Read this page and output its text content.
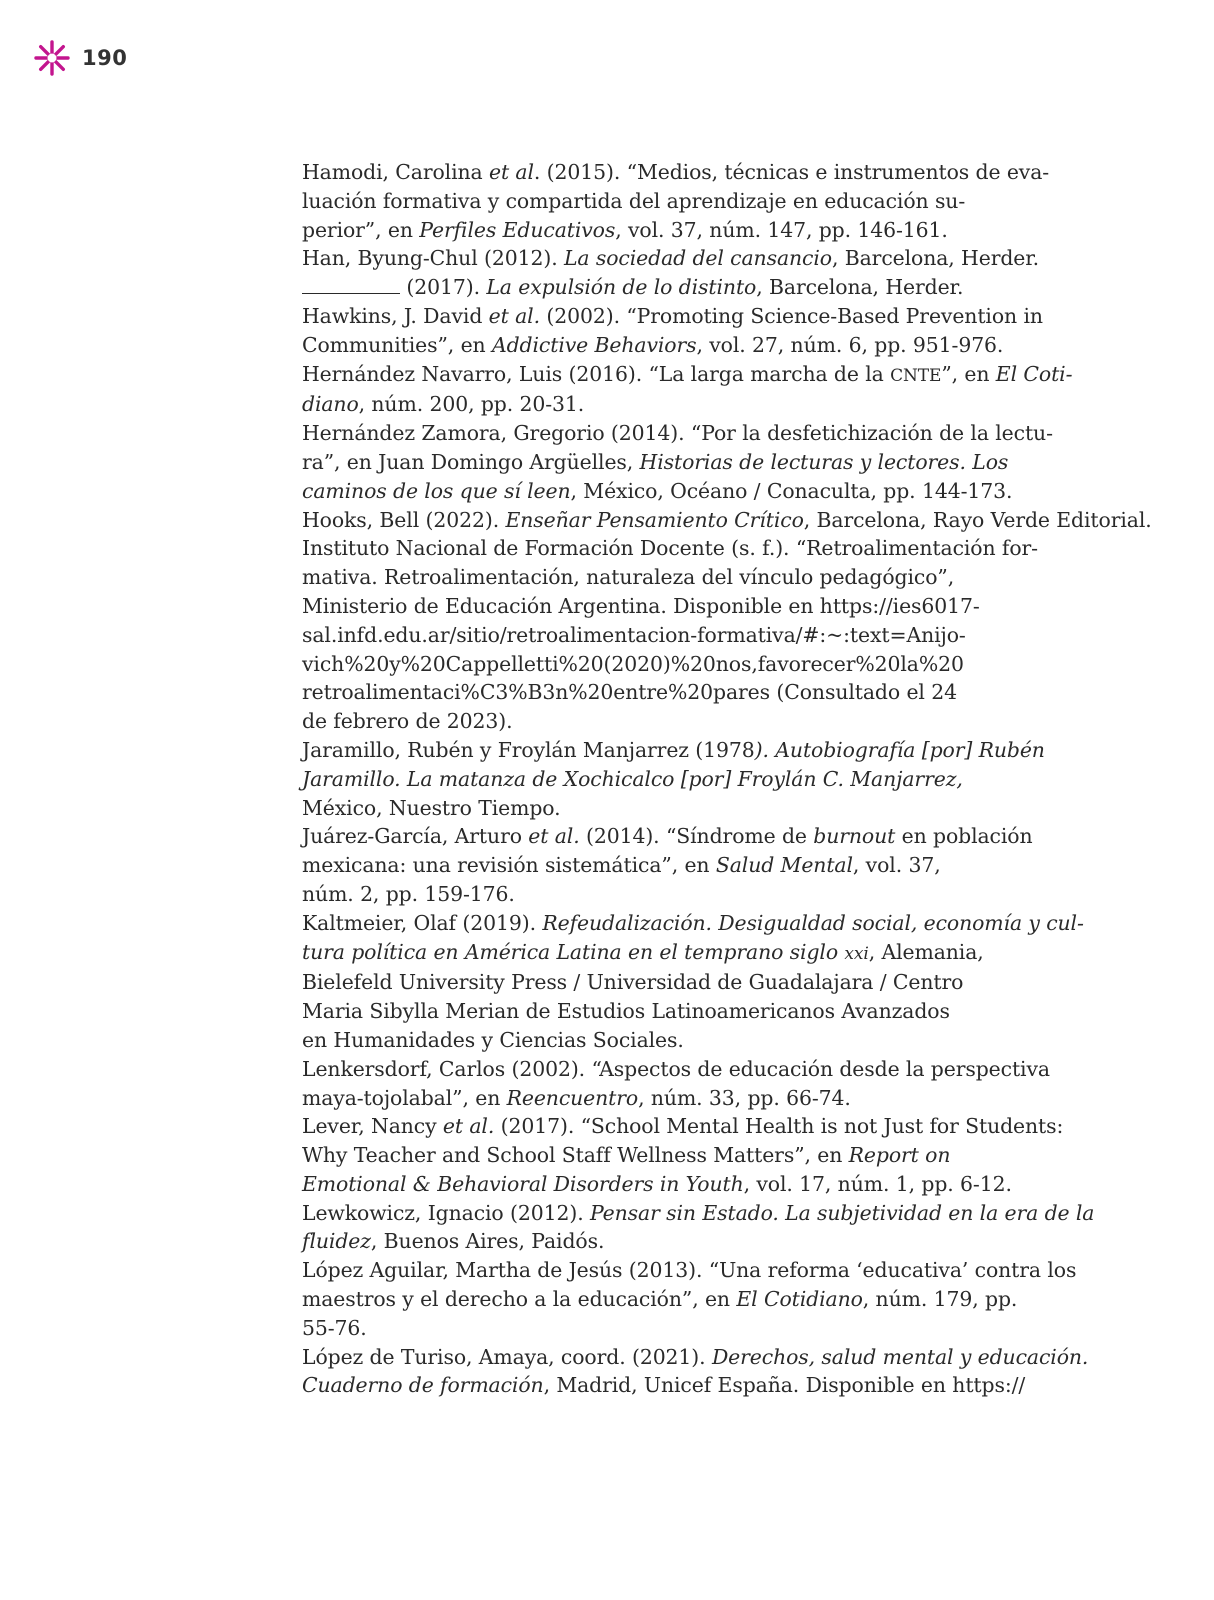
190
Hamodi, Carolina et al. (2015). “Medios, técnicas e instrumentos de eva-
luación formativa y compartida del aprendizaje en educación su-
perior”, en Perfiles Educativos, vol. 37, núm. 147, pp. 146-161.
Han, Byung-Chul (2012). La sociedad del cansancio, Barcelona, Herder.
(2017). La expulsión de lo distinto, Barcelona, Herder.
Hawkins, J. David et al. (2002). “Promoting Science-Based Prevention in
Communities”, en Addictive Behaviors, vol. 27, núm. 6, pp. 951-976.
Hernández Navarro, Luis (2016). “La larga marcha de la CNTE”, en El Coti-
diano, núm. 200, pp. 20-31.
Hernández Zamora, Gregorio (2014). “Por la desfetichización de la lectu-
ra”, en Juan Domingo Argüelles, Historias de lecturas y lectores. Los
caminos de los que sí leen, México, Océano / Conaculta, pp. 144-173.
Hooks, Bell (2022). Enseñar Pensamiento Crítico, Barcelona, Rayo Verde Editorial.
Instituto Nacional de Formación Docente (s. f.). “Retroalimentación for-
mativa. Retroalimentación, naturaleza del vínculo pedagógico”,
Ministerio de Educación Argentina. Disponible en https://ies6017-
sal.infd.edu.ar/sitio/retroalimentacion-formativa/#:~:text=Anijo-
vich%20y%20Cappelletti%20(2020)%20nos,favorecer%20la%20
retroalimentaci%C3%B3n%20entre%20pares (Consultado el 24
de febrero de 2023).
Jaramillo, Rubén y Froylán Manjarrez (1978). Autobiografía [por] Rubén
Jaramillo. La matanza de Xochicalco [por] Froylán C. Manjarrez,
México, Nuestro Tiempo.
Juárez-García, Arturo et al. (2014). “Síndrome de burnout en población
mexicana: una revisión sistemática”, en Salud Mental, vol. 37,
núm. 2, pp. 159-176.
Kaltmeier, Olaf (2019). Refeudalización. Desigualdad social, economía y cul-
tura política en América Latina en el temprano siglo xxi, Alemania,
Bielefeld University Press / Universidad de Guadalajara / Centro
Maria Sibylla Merian de Estudios Latinoamericanos Avanzados
en Humanidades y Ciencias Sociales.
Lenkersdorf, Carlos (2002). “Aspectos de educación desde la perspectiva
maya-tojolabal”, en Reencuentro, núm. 33, pp. 66-74.
Lever, Nancy et al. (2017). “School Mental Health is not Just for Students:
Why Teacher and School Staff Wellness Matters”, en Report on
Emotional & Behavioral Disorders in Youth, vol. 17, núm. 1, pp. 6-12.
Lewkowicz, Ignacio (2012). Pensar sin Estado. La subjetividad en la era de la
fluidez, Buenos Aires, Paidós.
López Aguilar, Martha de Jesús (2013). “Una reforma ‘educativa’ contra los
maestros y el derecho a la educación”, en El Cotidiano, núm. 179, pp.
55-76.
López de Turiso, Amaya, coord. (2021). Derechos, salud mental y educación.
Cuaderno de formación, Madrid, Unicef España. Disponible en https://
